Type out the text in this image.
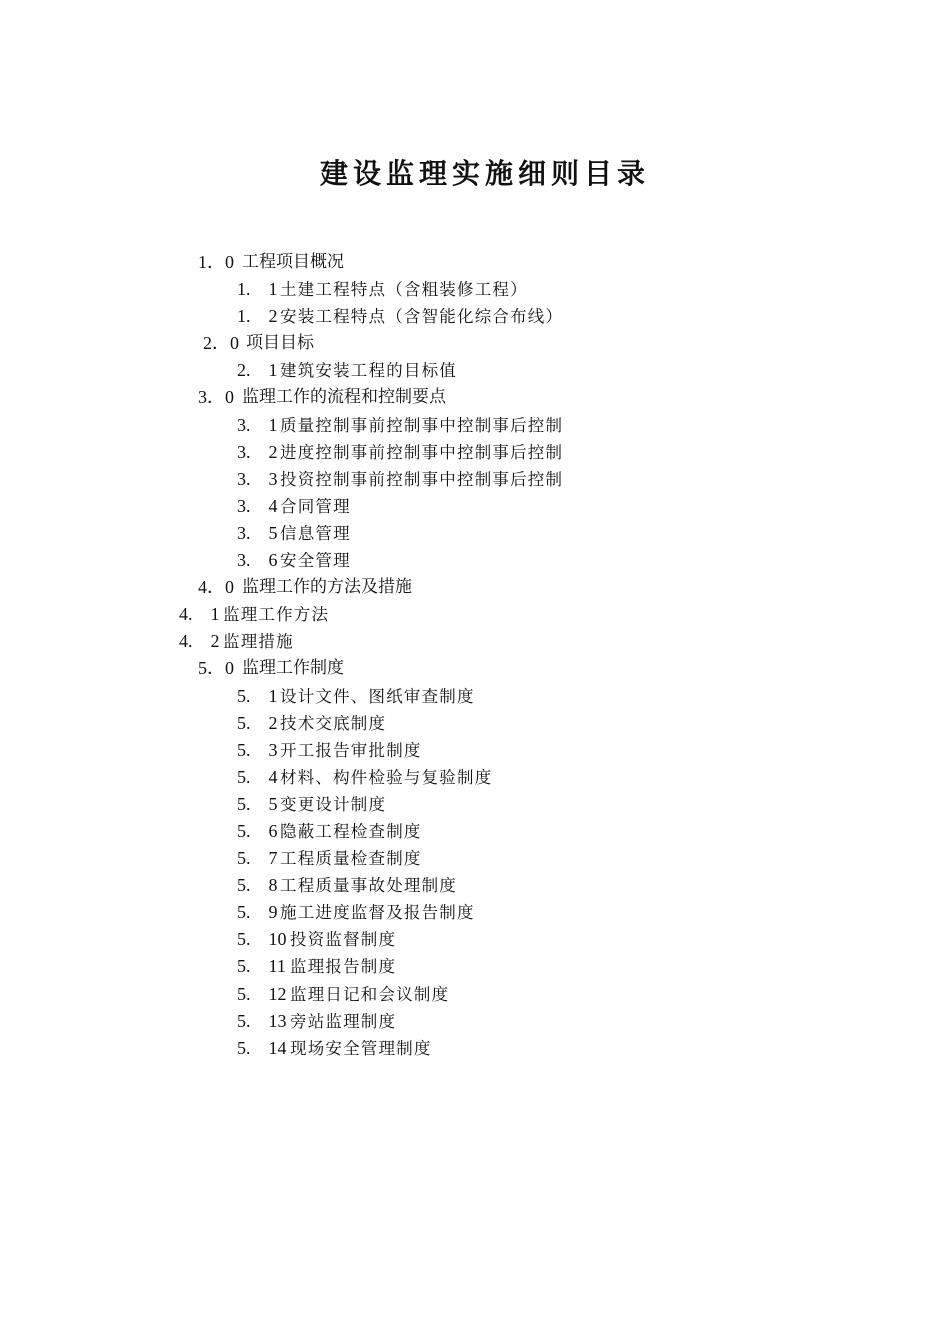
建设监理实施细则目录
1．0 工程项目概况
1.　1 土建工程特点（含粗装修工程）
1.　2 安装工程特点（含智能化综合布线）
2．0 项目目标
2.　1 建筑安装工程的目标值
3．0 监理工作的流程和控制要点
3.　1 质量控制事前控制事中控制事后控制
3.　2 进度控制事前控制事中控制事后控制
3.　3 投资控制事前控制事中控制事后控制
3.　4 合同管理
3.　5 信息管理
3.　6 安全管理
4．0 监理工作的方法及措施
4.　1 监理工作方法
4.　2 监理措施
5．0 监理工作制度
5.　1 设计文件、图纸审查制度
5.　2 技术交底制度
5.　3 开工报告审批制度
5.　4 材料、构件检验与复验制度
5.　5 变更设计制度
5.　6 隐蔽工程检查制度
5.　7 工程质量检查制度
5.　8 工程质量事故处理制度
5.　9 施工进度监督及报告制度
5.　10 投资监督制度
5.　11 监理报告制度
5.　12 监理日记和会议制度
5.　13 旁站监理制度
5.　14 现场安全管理制度
